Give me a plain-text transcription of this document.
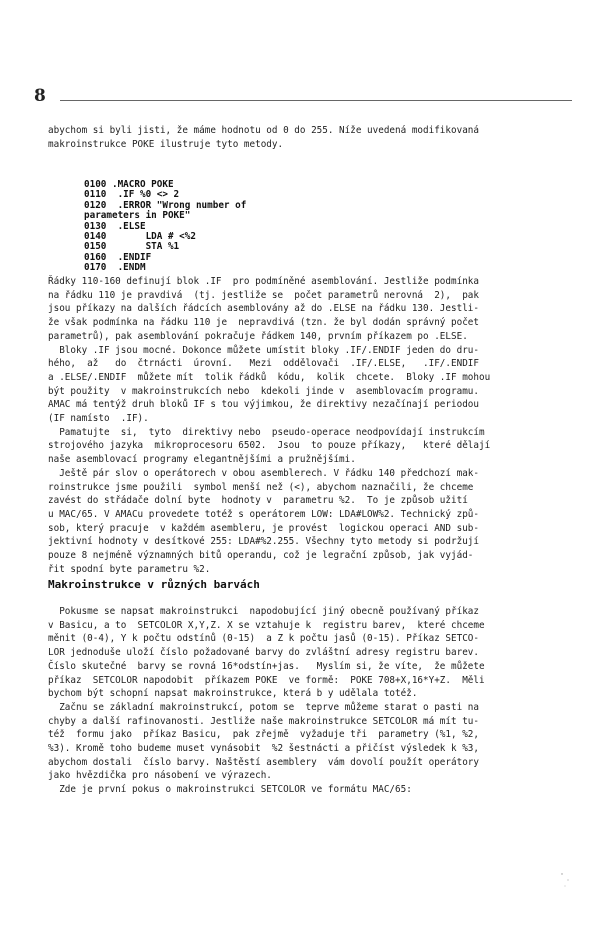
8
abychom si byli jisti, že máme hodnotu od 0 do 255. Níže uvedená modifikovaná
makroinstrukce POKE ilustruje tyto metody.
0100 .MACRO POKE
0110  .IF %0 <> 2
0120  .ERROR "Wrong number of
parameters in POKE"
0130  .ELSE
0140       LDA # <%2
0150       STA %1
0160  .ENDIF
0170  .ENDM
Řádky 110-160 definují blok .IF  pro podmíněné asemblování. Jestliže podmínka
na řádku 110 je pravdivá  (tj. jestliže se  počet parametrů nerovná  2),  pak
jsou příkazy na dalších řádcích asemblovány až do .ELSE na řádku 130. Jestli-
že však podmínka na řádku 110 je  nepravdivá (tzn. že byl dodán správný počet
parametrů), pak asemblování pokračuje řádkem 140, prvním příkazem po .ELSE.
Bloky .IF jsou mocné. Dokonce můžete umístit bloky .IF/.ENDIF jeden do dru-
hého,  až   do  čtrnácti  úrovní.   Mezi  oddělovači  .IF/.ELSE,   .IF/.ENDIF
a .ELSE/.ENDIF  můžete mít  tolik řádků  kódu,  kolik  chcete.  Bloky .IF mohou
být použity  v makroinstrukcích nebo  kdekoli jinde v  asemblovacím programu.
AMAC má tentýž druh bloků IF s tou výjimkou, že direktivy nezačínají periodou
(IF namísto  .IF).
Pamatujte  si,  tyto  direktivy nebo  pseudo-operace neodpovídají instrukcím
strojového jazyka  mikroprocesoru 6502.  Jsou  to pouze příkazy,   které dělají
naše asemblovací programy elegantnějšími a pružnějšími.
Ještě pár slov o operátorech v obou asemblerech. V řádku 140 předchozí mak-
roinstrukce jsme použili  symbol menší než (<), abychom naznačili, že chceme
zavést do střádače dolní byte  hodnoty v  parametru %2.  To je způsob užití
u MAC/65. V AMACu provedete totéž s operátorem LOW: LDA#LOW%2. Technický způ-
sob, který pracuje  v každém asembleru, je provést  logickou operaci AND sub-
jektivní hodnoty v desítkové 255: LDA#%2.255. Všechny tyto metody si podržují
pouze 8 nejméně významných bitů operandu, což je legrační způsob, jak vyjád-
řit spodní byte parametru %2.
Makroinstrukce v různých barvách
Pokusme se napsat makroinstrukci  napodobující jiný obecně používaný příkaz
v Basicu, a to  SETCOLOR X,Y,Z. X se vztahuje k  registru barev,  které chceme
měnit (0-4), Y k počtu odstínů (0-15)  a Z k počtu jasů (0-15). Příkaz SETCO-
LOR jednoduše uloží číslo požadované barvy do zvláštní adresy registru barev.
Číslo skutečné  barvy se rovná 16*odstín+jas.   Myslím si, že víte,  že můžete
příkaz  SETCOLOR napodobit  příkazem POKE  ve formě:  POKE 708+X,16*Y+Z.  Měli
bychom být schopní napsat makroinstrukce, která b y udělala totéž.
Začnu se základní makroinstrukcí, potom se  teprve můžeme starat o pasti na
chyby a další rafinovanosti. Jestliže naše makroinstrukce SETCOLOR má mít tu-
též  formu jako  příkaz Basicu,  pak zřejmě  vyžaduje tři  parametry (%1, %2,
%3). Kromě toho budeme muset vynásobit  %2 šestnácti a přičíst výsledek k %3,
abychom dostali  číslo barvy. Naštěstí asemblery  vám dovolí použít operátory
jako hvězdička pro násobení ve výrazech.
Zde je první pokus o makroinstrukci SETCOLOR ve formátu MAC/65:
